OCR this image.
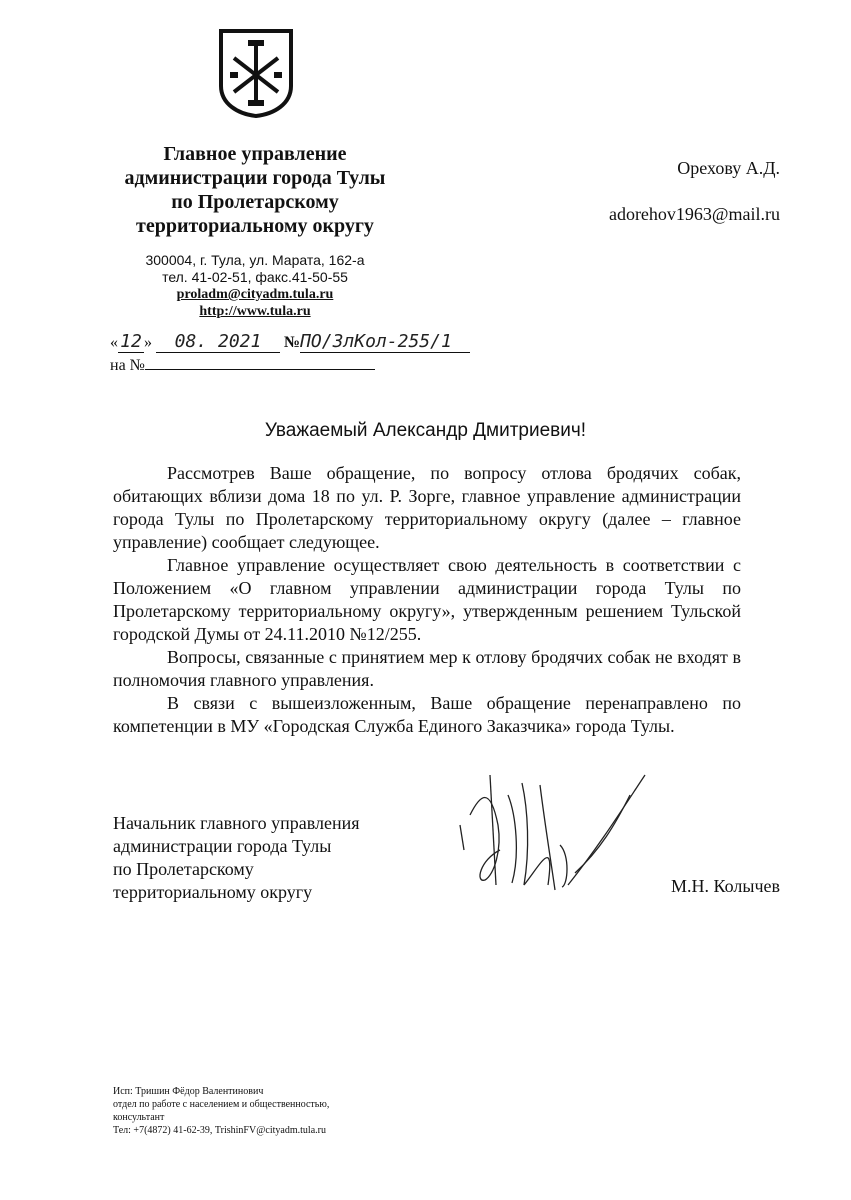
Главное управление
администрации города Тулы
по Пролетарскому
территориальному округу
300004, г. Тула, ул. Марата, 162-а
тел. 41-02-51, факс.41-50-55
proladm@cityadm.tula.ru
http://www.tula.ru
Орехову А.Д.
adorehov1963@mail.ru
« 12 » 08. 2021 №ПО/ЗлКол-255/1
на №
Уважаемый Александр Дмитриевич!

Рассмотрев Ваше обращение, по вопросу отлова бродячих собак, обитающих вблизи дома 18 по ул. Р. Зорге, главное управление администрации города Тулы по Пролетарскому территориальному округу (далее – главное управление) сообщает следующее.

Главное управление осуществляет свою деятельность в соответствии с Положением «О главном управлении администрации города Тулы по Пролетарскому территориальному округу», утвержденным решением Тульской городской Думы от 24.11.2010 №12/255.

Вопросы, связанные с принятием мер к отлову бродячих собак не входят в полномочия главного управления.

В связи с вышеизложенным, Ваше обращение перенаправлено по компетенции в МУ «Городская Служба Единого Заказчика» города Тулы.

Начальник главного управления
администрации города Тулы
по Пролетарскому
территориальному округу	М.Н. Колычев
Исп: Тришин Фёдор Валентинович
отдел по работе с населением и общественностью,
консультант
Тел: +7(4872) 41-62-39, TrishinFV@cityadm.tula.ru
